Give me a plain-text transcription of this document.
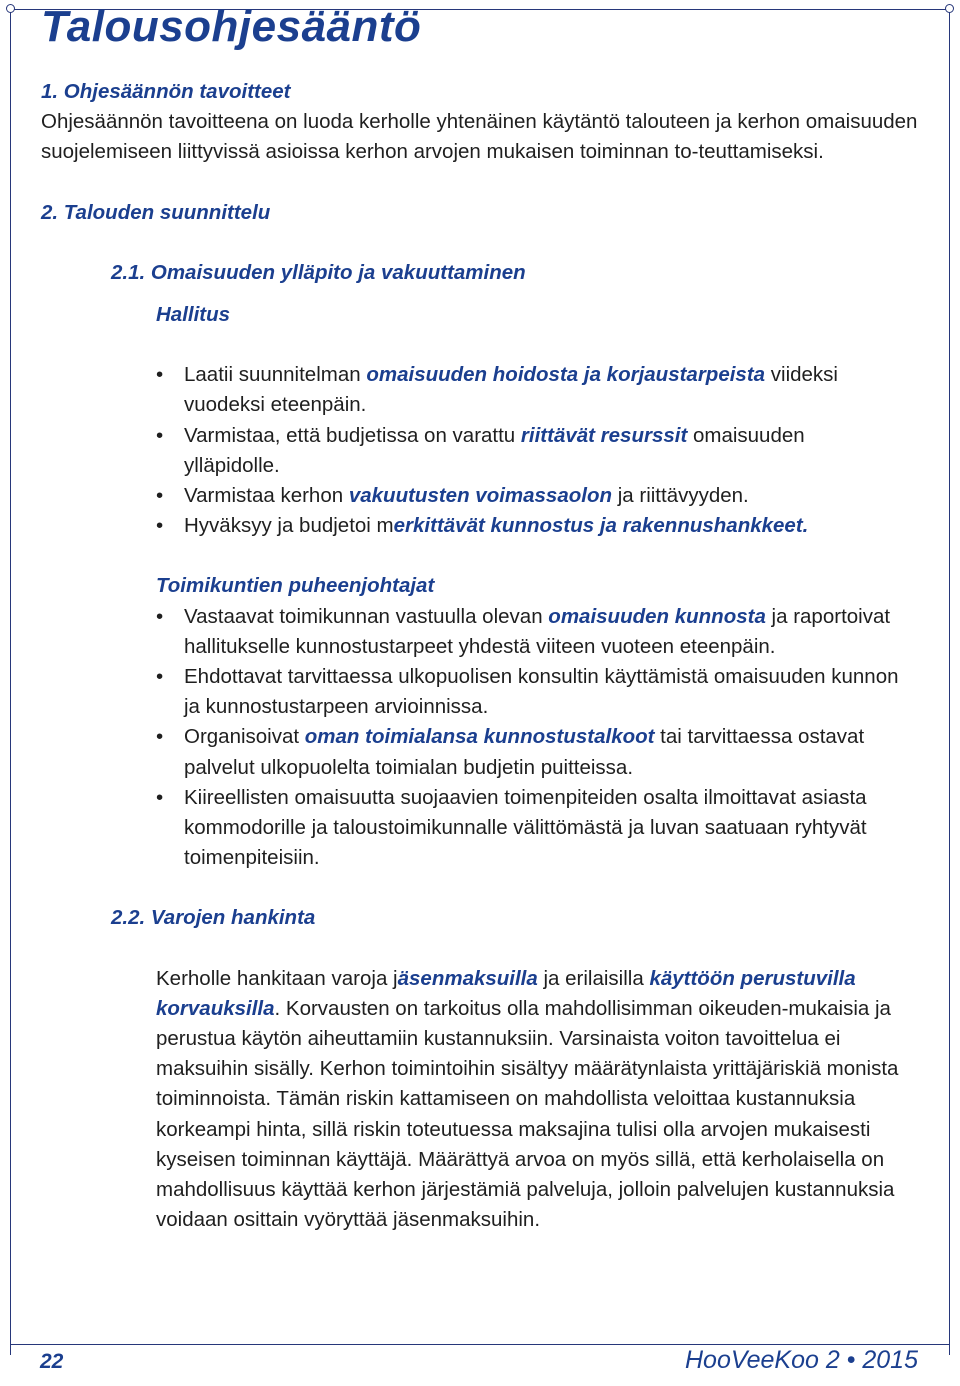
Talousohjesääntö

1. Ohjesäännön tavoitteet

Ohjesäännön tavoitteena on luoda kerholle yhtenäinen käytäntö talouteen ja kerhon omaisuuden suojelemiseen liittyvissä asioissa kerhon arvojen mukaisen toiminnan to-teuttamiseksi.

2. Talouden suunnittelu

2.1. Omaisuuden ylläpito ja vakuuttaminen

Hallitus

• Laatii suunnitelman omaisuuden hoidosta ja korjaustarpeista viideksi vuodeksi eteenpäin.
• Varmistaa, että budjetissa on varattu riittävät resurssit omaisuuden ylläpidolle.
• Varmistaa kerhon vakuutusten voimassaolon ja riittävyyden.
• Hyväksyy ja budjetoi merkittävät kunnostus ja rakennushankkeet.

Toimikuntien puheenjohtajat

• Vastaavat toimikunnan vastuulla olevan omaisuuden kunnosta ja raportoivat hallitukselle kunnostustarpeet yhdestä viiteen vuoteen eteenpäin.
• Ehdottavat tarvittaessa ulkopuolisen konsultin käyttämistä omaisuuden kunnon ja kunnostustarpeen arvioinnissa.
• Organisoivat oman toimialansa kunnostustalkoot tai tarvittaessa ostavat palvelut ulkopuolelta toimialan budjetin puitteissa.
• Kiireellisten omaisuutta suojaavien toimenpiteiden osalta ilmoittavat asiasta kommodorille ja taloustoimikunnalle välittömästä ja luvan saatuaan ryhtyvät toimenpiteisiin.

2.2. Varojen hankinta

Kerholle hankitaan varoja jäsenmaksuilla ja erilaisilla käyttöön perustuvilla korvauksilla. Korvausten on tarkoitus olla mahdollisimman oikeuden-mukaisia ja perustua käytön aiheuttamiin kustannuksiin. Varsinaista voiton tavoittelua ei maksuihin sisälly. Kerhon toimintoihin sisältyy määrätynlaista yrittäjäriskiä monista toiminnoista. Tämän riskin kattamiseen on mahdollista veloittaa kustannuksia korkeampi hinta, sillä riskin toteutuessa maksajina tulisi olla arvojen mukaisesti kyseisen toiminnan käyttäjä. Määrättyä arvoa on myös sillä, että kerholaisella on mahdollisuus käyttää kerhon järjestämiä palveluja, jolloin palvelujen kustannuksia voidaan osittain vyöryttää jäsenmaksuihin.

22	HooVeeKoo 2 • 2015
